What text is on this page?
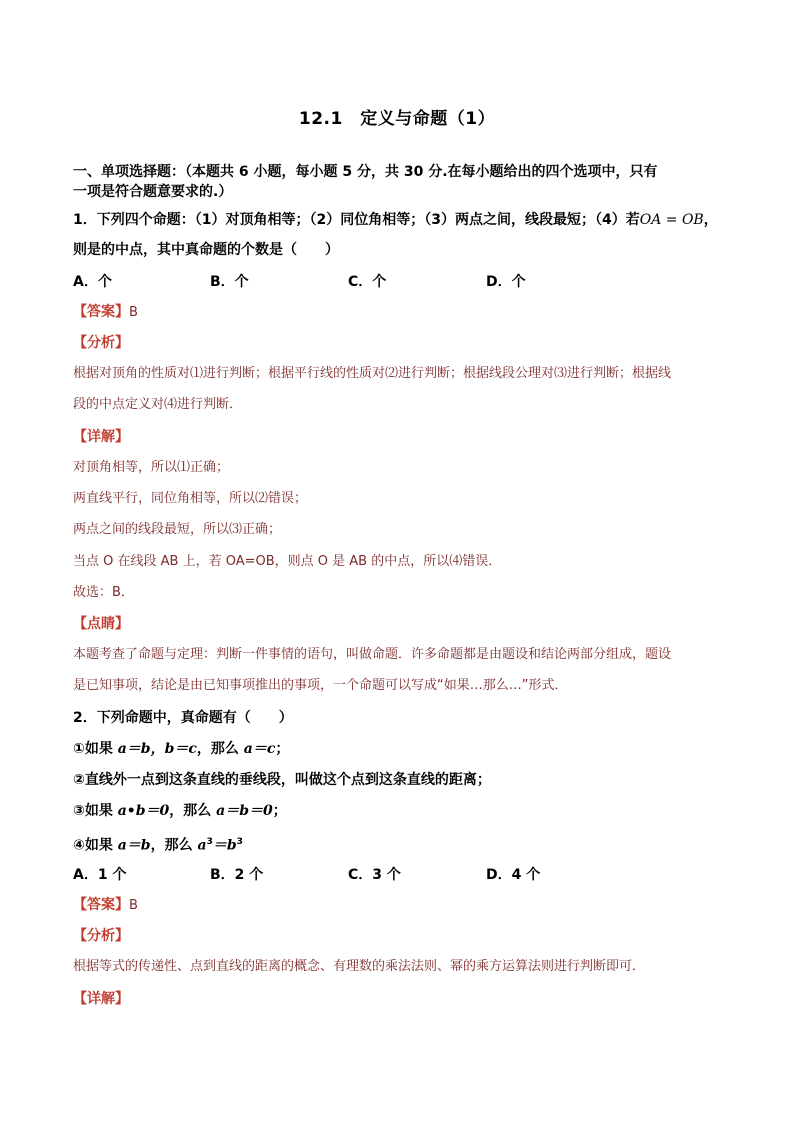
12.1　定义与命题（1）
一、单项选择题：（本题共 6 小题，每小题 5 分，共 30 分.在每小题给出的四个选项中，只有
一项是符合题意要求的.）
1．下列四个命题：（1）对顶角相等；（2）同位角相等；（3）两点之间，线段最短；（4）若OA = OB，
则是的中点，其中真命题的个数是（　　）
A．个	B．个	C．个	D．个
【答案】B
【分析】
根据对顶角的性质对⑴进行判断；根据平行线的性质对⑵进行判断；根据线段公理对⑶进行判断；根据线
段的中点定义对⑷进行判断．
【详解】
对顶角相等，所以⑴正确；
两直线平行，同位角相等，所以⑵错误；
两点之间的线段最短，所以⑶正确；
当点 O 在线段 AB 上，若 OA=OB，则点 O 是 AB 的中点，所以⑷错误．
故选：B．
【点睛】
本题考查了命题与定理：判断一件事情的语句，叫做命题．许多命题都是由题设和结论两部分组成，题设
是已知事项，结论是由已知事项推出的事项，一个命题可以写成“如果…那么…”形式．
2．下列命题中，真命题有（　　）
①如果 a＝b，b＝c，那么 a＝c；
②直线外一点到这条直线的垂线段，叫做这个点到这条直线的距离；
③如果 a•b＝0，那么 a＝b＝0；
④如果 a＝b，那么 $a^3=b^3$
A．1 个	B．2 个	C．3 个	D．4 个
【答案】B
【分析】
根据等式的传递性、点到直线的距离的概念、有理数的乘法法则、幂的乘方运算法则进行判断即可．
【详解】
